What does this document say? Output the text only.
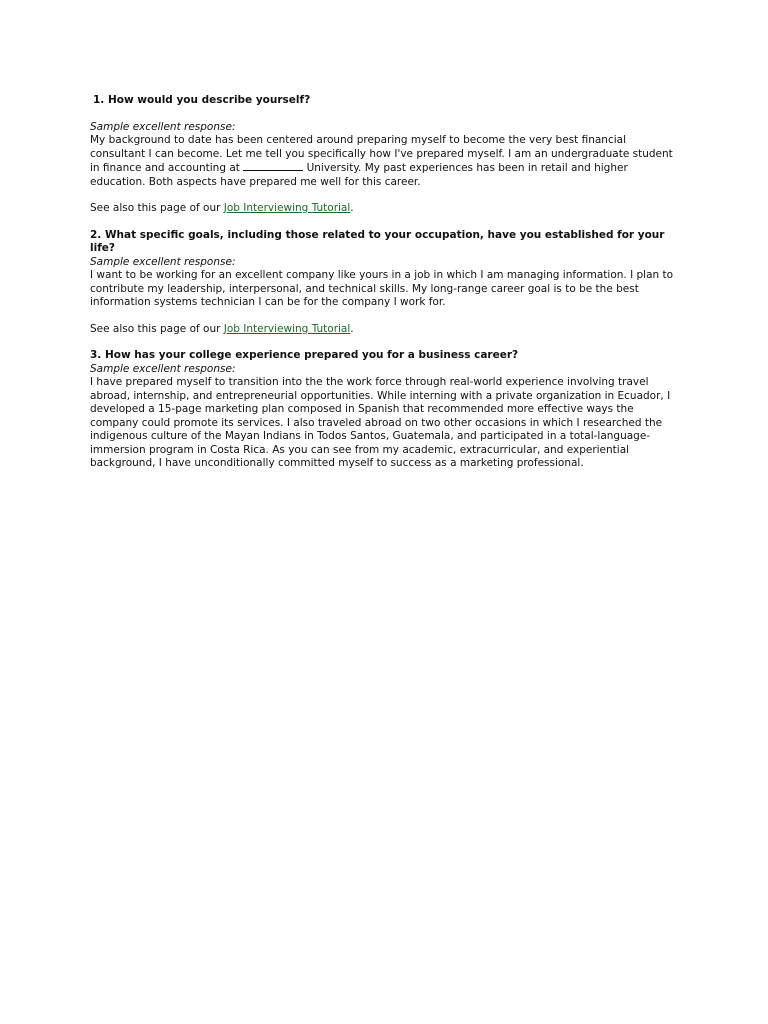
1. How would you describe yourself?

Sample excellent response:

My background to date has been centered around preparing myself to become the very best financial consultant I can become. Let me tell you specifically how I've prepared myself. I am an undergraduate student in finance and accounting at	University. My past experiences has been in retail and higher education. Both aspects have prepared me well for this career.

See also this page of our Job Interviewing Tutorial.

2. What specific goals, including those related to your occupation, have you established for your life?

Sample excellent response:

I want to be working for an excellent company like yours in a job in which I am managing information. I plan to contribute my leadership, interpersonal, and technical skills. My long-range career goal is to be the best information systems technician I can be for the company I work for.

See also this page of our Job Interviewing Tutorial.

3. How has your college experience prepared you for a business career?

Sample excellent response:

I have prepared myself to transition into the the work force through real-world experience involving travel abroad, internship, and entrepreneurial opportunities. While interning with a private organization in Ecuador, I developed a 15-page marketing plan composed in Spanish that recommended more effective ways the company could promote its services. I also traveled abroad on two other occasions in which I researched the indigenous culture of the Mayan Indians in Todos Santos, Guatemala, and participated in a total-language-immersion program in Costa Rica. As you can see from my academic, extracurricular, and experiential background, I have unconditionally committed myself to success as a marketing professional.
